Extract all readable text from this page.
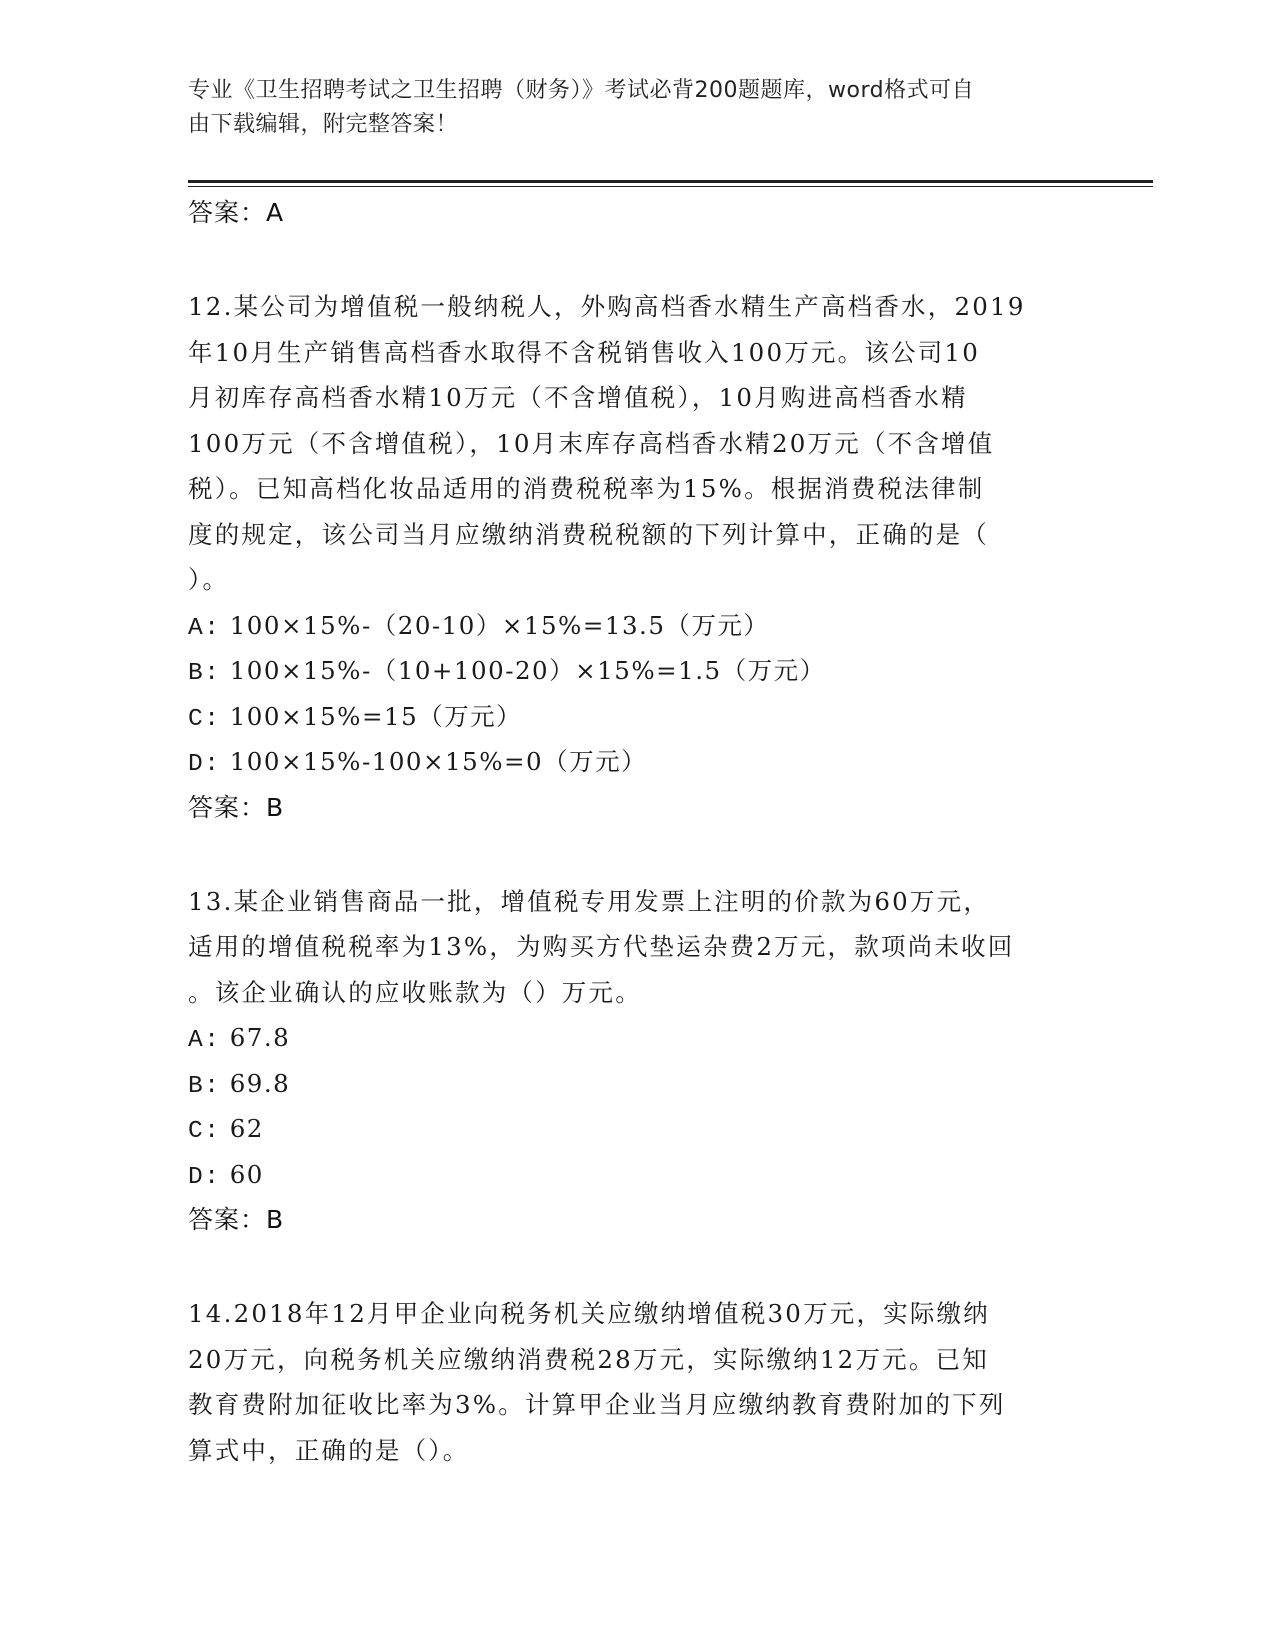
专业《卫生招聘考试之卫生招聘（财务）》考试必背200题题库，word格式可自
由下载编辑，附完整答案！
答案：A
12.某公司为增值税一般纳税人，外购高档香水精生产高档香水，2019
年10月生产销售高档香水取得不含税销售收入100万元。该公司10
月初库存高档香水精10万元（不含增值税），10月购进高档香水精
100万元（不含增值税），10月末库存高档香水精20万元（不含增值
税）。已知高档化妆品适用的消费税税率为15%。根据消费税法律制
度的规定，该公司当月应缴纳消费税税额的下列计算中，正确的是（
）。
A: 100×15%-（20-10）×15%=13.5（万元）
B: 100×15%-（10+100-20）×15%=1.5（万元）
C: 100×15%=15（万元）
D: 100×15%-100×15%=0（万元）
答案：B
13.某企业销售商品一批，增值税专用发票上注明的价款为60万元，
适用的增值税税率为13%，为购买方代垫运杂费2万元，款项尚未收回
。该企业确认的应收账款为（）万元。
A: 67.8
B: 69.8
C: 62
D: 60
答案：B
14.2018年12月甲企业向税务机关应缴纳增值税30万元，实际缴纳
20万元，向税务机关应缴纳消费税28万元，实际缴纳12万元。已知
教育费附加征收比率为3%。计算甲企业当月应缴纳教育费附加的下列
算式中，正确的是（）。
